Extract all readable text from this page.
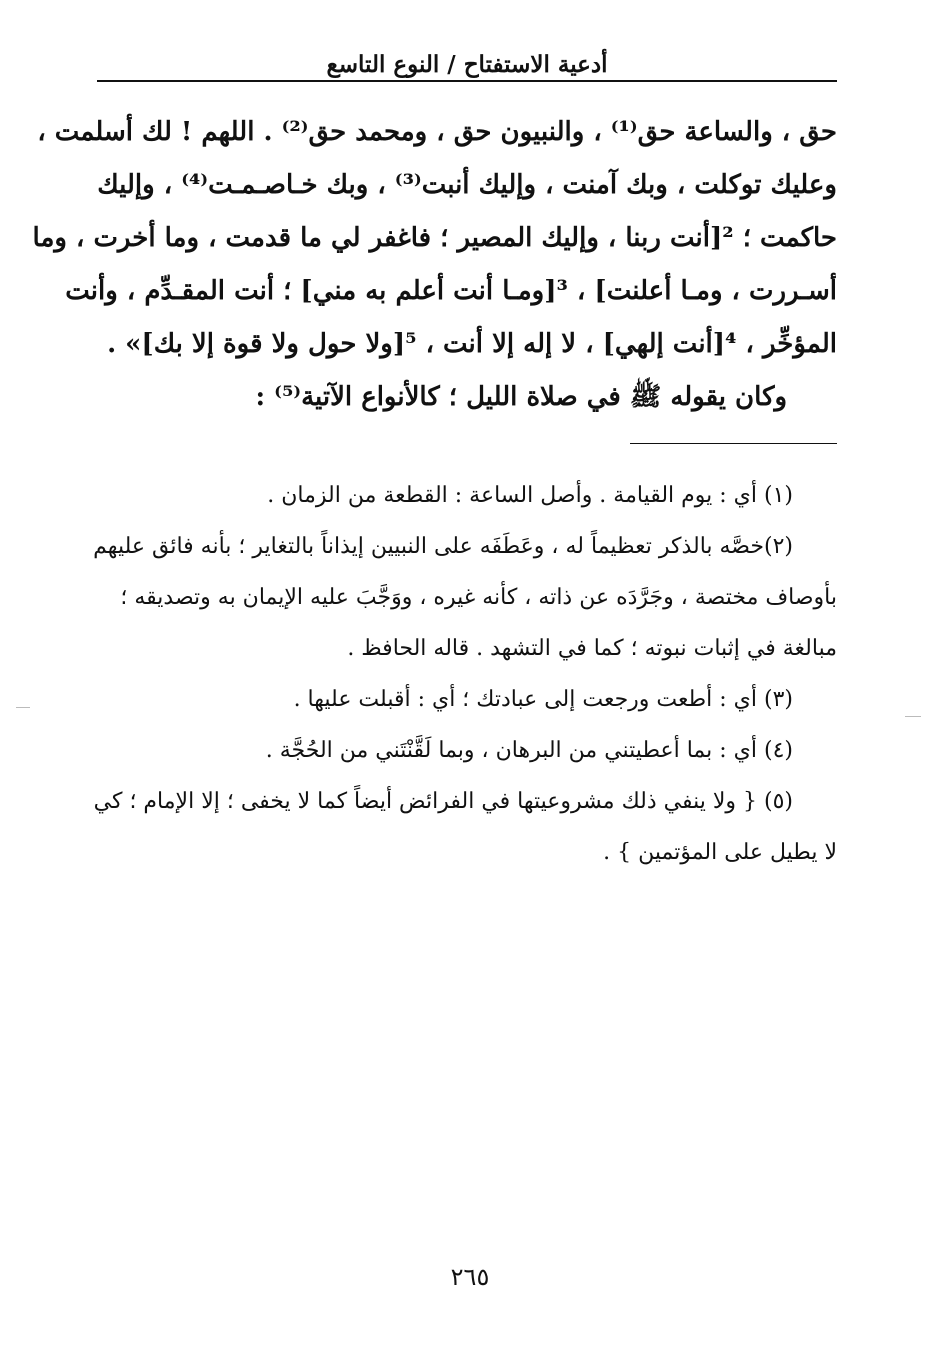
أدعية الاستفتاح / النوع التاسع
حق ، والساعة حق⁽¹⁾ ، والنبيون حق ، ومحمد حق⁽²⁾ . اللهم ! لك أسلمت ،
وعليك توكلت ، وبك آمنت ، وإليك أنبت⁽³⁾ ، وبك خـاصـمـت⁽⁴⁾ ، وإليك
حاكمت ؛ ²[أنت ربنا ، وإليك المصير ؛ فاغفر لي ما قدمت ، وما أخرت ، وما
أسـررت ، ومـا أعلنت] ، ³[ومـا أنت أعلم به مني] ؛ أنت المقـدِّم ، وأنت
المؤخِّر ، ⁴[أنت إلهي] ، لا إله إلا أنت ، ⁵[ولا حول ولا قوة إلا بك]» .
وكان يقوله ﷺ في صلاة الليل ؛ كالأنواع الآتية⁽⁵⁾ :
(١) أي : يوم القيامة . وأصل الساعة : القطعة من الزمان .
(٢)خصَّه بالذكر تعظيماً له ، وعَطَفَه على النبيين إيذاناً بالتغاير ؛ بأنه فائق عليهم
بأوصاف مختصة ، وجَرَّدَه عن ذاته ، كأنه غيره ، ووَجَّبَ عليه الإيمان به وتصديقه ؛
مبالغة في إثبات نبوته ؛ كما في التشهد . قاله الحافظ .
(٣) أي : أطعت ورجعت إلى عبادتك ؛ أي : أقبلت عليها .
(٤) أي : بما أعطيتني من البرهان ، وبما لَقَّنْتَني من الحُجَّة .
(٥) { ولا ينفي ذلك مشروعيتها في الفرائض أيضاً كما لا يخفى ؛ إلا الإمام ؛ كي
لا يطيل على المؤتمين } .
٢٦٥
